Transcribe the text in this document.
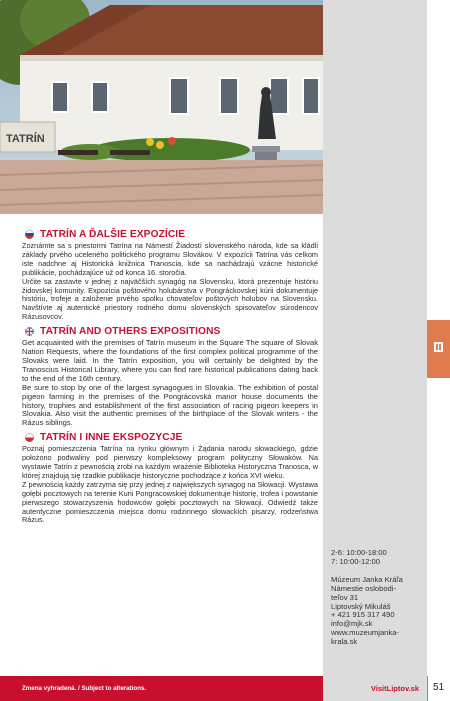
TATRÍN
TATRÍN A ĎALŠIE EXPOZÍCIE

Zoznámte sa s priestormi Tatrína na Námestí Žiadostí slovenského národa, kde sa kládli základy prvého uceleného politického programu Slovákov. V expozícii Tatrína vás celkom iste nadchne aj Historická knižnica Tranoscia, kde sa nachádzajú vzácne historické publikácie, pochádzajúce už od konca 16. storočia.
Určite sa zastavte v jednej z najväčších synagóg na Slovensku, ktorá prezentuje históriu židovskej komunity. Expozícia poštového holubárstva v Pongráckovskej kúrii dokumentuje históriu, trofeje a založenie prvého spolku chovateľov poštových holubov na Slovensku. Navštívte aj autentické priestory rodného domu slovenských spisovateľov súrodencov Rázusovcov.

TATRÍN AND OTHERS EXPOSITIONS

Get acquainted with the premises of Tatrín museum in the Square The square of Slovak Nation Requests, where the foundations of the first complex political programme of the Slovaks were laid. In the Tatrín exposition, you will certainly be delighted by the Tranoscius Historical Library, where you can find rare historical publications dating back to the end of the 16th century.
Be sure to stop by one of the largest synagogues in Slovakia. The exhibition of postal pigeon farming in the premises of the Pongrácovská manor house documents the history, trophies and establishment of the first association of racing pigeon keepers in Slovakia. Also visit the authentic premises of the birthplace of the Slovak writers - the Rázus siblings.

TATRÍN I INNE EKSPOZYCJE

Poznaj pomieszczenia Tatrína na rynku głównym i Żądania narodu słowackiego, gdzie położono podwaliny pod pierwszy kompleksowy program polityczny Słowaków. Na wystawie Tatrín z pewnością zrobi na każdym wrażenie Biblioteka Historyczna Tranosca, w której znajdują się rzadkie publikacje historyczne pochodzące z końca XVI wieku.
Z pewnością każdy zatrzyma się przy jednej z największych synagog na Słowacji. Wystawa gołębi pocztowych na terenie Kurii Pongracowskiej dokumentuje historię, trofea i powstanie pierwszego stowarzyszenia hodowców gołębi pocztowych na Słowacji. Odwiedź także autentyczne pomieszczenia miejsca domu rodzinnego słowackich pisarzy, rodzeństwa Rázus.

2-6: 10:00-18:00
7: 10:00-12:00
Múzeum Janka Kráľa
Námestie oslobodi-
teľov 31
Liptovský Mikuláš
+ 421 915 317 490
info@mjk.sk
www.muzeumjanka-
krala.sk
Zmena vyhradená. / Subject to alterations.	VisitLiptov.sk 51
